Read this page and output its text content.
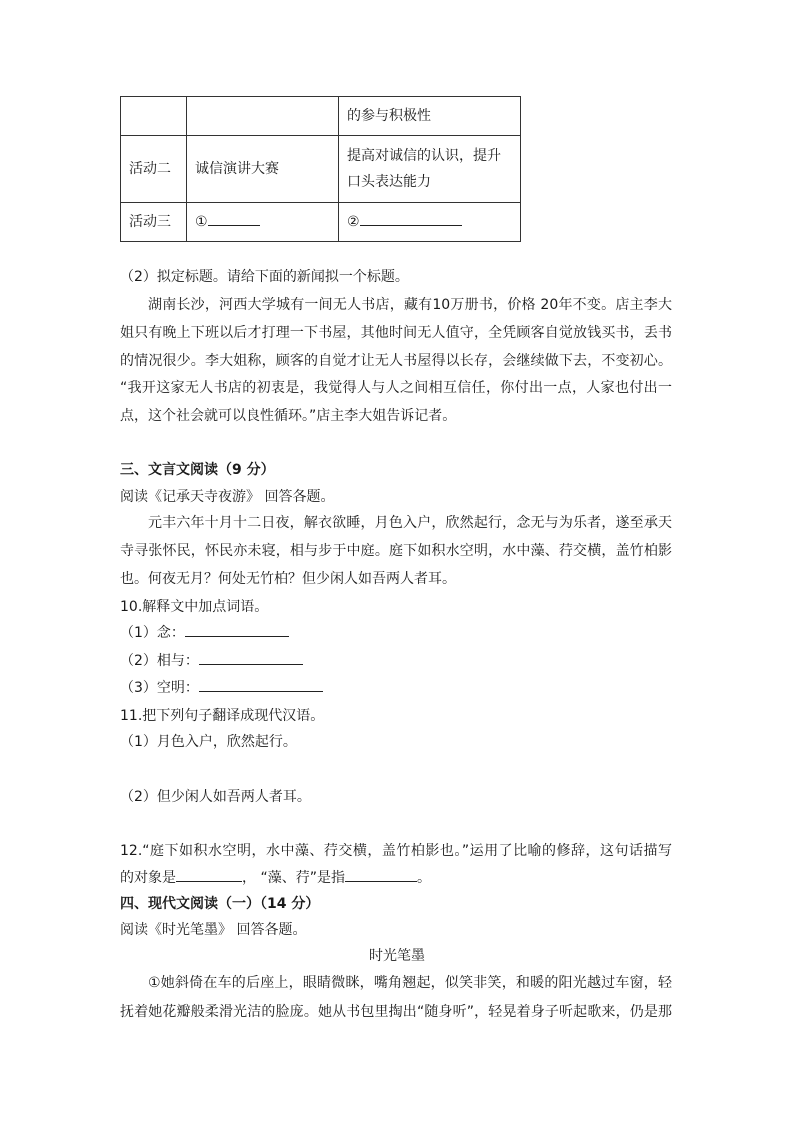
		的参与积极性
活动二	诚信演讲大赛	提高对诚信的认识，提升口头表达能力
活动三	①	②
（2）拟定标题。请给下面的新闻拟一个标题。
湖南长沙，河西大学城有一间无人书店，藏有10万册书，价格 20年不变。店主李大
姐只有晚上下班以后才打理一下书屋，其他时间无人值守，全凭顾客自觉放钱买书，丢书
的情况很少。李大姐称，顾客的自觉才让无人书屋得以长存，会继续做下去，不变初心。
“我开这家无人书店的初衷是，我觉得人与人之间相互信任，你付出一点，人家也付出一
点，这个社会就可以良性循环。”店主李大姐告诉记者。
三、文言文阅读（9 分）
阅读《记承天寺夜游》 回答各题。
元丰六年十月十二日夜，解衣欲睡，月色入户，欣然起行，念无与为乐者，遂至承天
寺寻张怀民，怀民亦未寝，相与步于中庭。庭下如积水空明，水中藻、荇交横，盖竹柏影
也。何夜无月？何处无竹柏？但少闲人如吾两人者耳。
10.解释文中加点词语。
（1）念：
（2）相与：
（3）空明：
11.把下列句子翻译成现代汉语。
（1）月色入户，欣然起行。
（2）但少闲人如吾两人者耳。
12.“庭下如积水空明，水中藻、荇交横，盖竹柏影也。”运用了比喻的修辞，这句话描写
的对象是	， “藻、荇”是指	。
四、现代文阅读（一）（14 分）
阅读《时光笔墨》 回答各题。
时光笔墨
①她斜倚在车的后座上，眼睛微眯，嘴角翘起，似笑非笑，和暖的阳光越过车窗，轻
抚着她花瓣般柔滑光洁的脸庞。她从书包里掏出“随身听”，轻晃着身子听起歌来，仍是那
